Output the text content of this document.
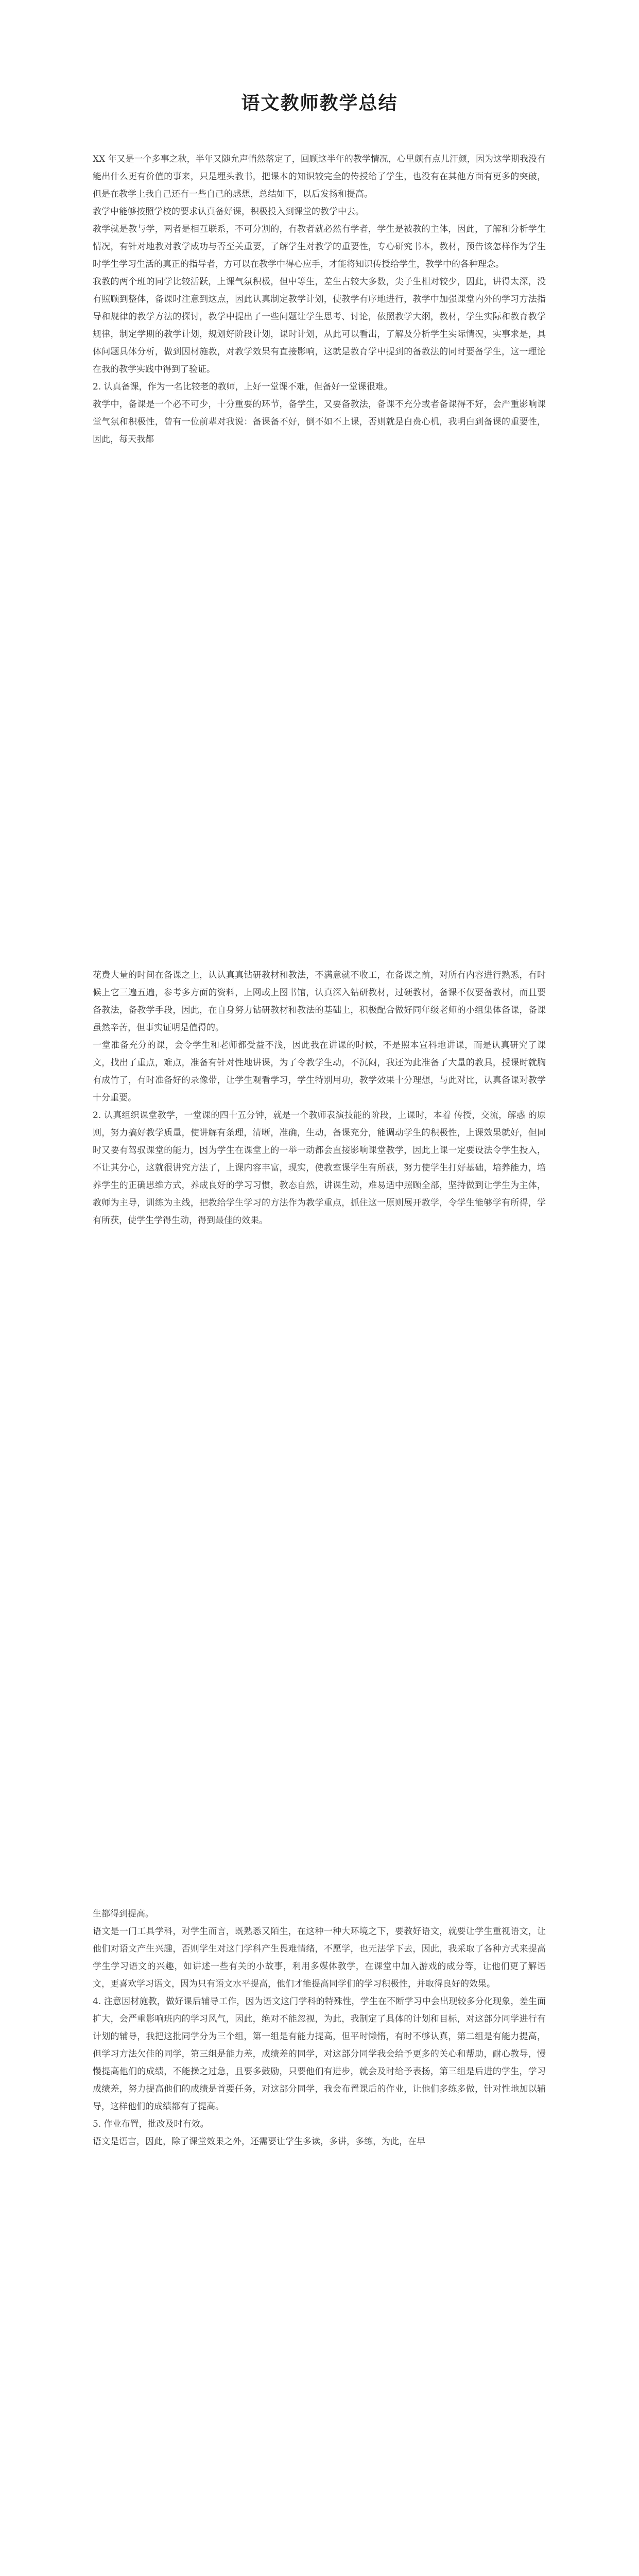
语文教师教学总结

XX 年又是一个多事之秋，半年又随允声悄然落定了，回顾这半年的教学情况，心里颇有点儿汗颜，因为这学期我没有能出什么更有价值的事来，只是埋头教书，把课本的知识较完全的传授给了学生，也没有在其他方面有更多的突破，但是在教学上我自己还有一些自己的感想，总结如下，以后发扬和提高。

教学中能够按照学校的要求认真备好课，积极投入到课堂的教学中去。

教学就是教与学，两者是相互联系，不可分割的，有教者就必然有学者，学生是被教的主体，因此，了解和分析学生情况，有针对地教对教学成功与否至关重要，了解学生对教学的重要性，专心研究书本，教材，预告该怎样作为学生时学生学习生活的真正的指导者，方可以在教学中得心应手，才能将知识传授给学生，教学中的各种理念。

我教的两个班的同学比较活跃，上课气氛积极，但中等生，差生占较大多数，尖子生相对较少，因此，讲得太深，没有照顾到整体，备课时注意到这点，因此认真制定教学计划，使教学有序地进行，教学中加强课堂内外的学习方法指导和规律的教学方法的探讨，教学中提出了一些问题让学生思考、讨论，依照教学大纲，教材，学生实际和教育教学规律，制定学期的教学计划，规划好阶段计划，课时计划，从此可以看出，了解及分析学生实际情况，实事求是，具体问题具体分析，做到因材施教，对教学效果有直接影响，这就是教育学中提到的备教法的同时要备学生，这一理论在我的教学实践中得到了验证。

2. 认真备课，作为一名比较老的教师，上好一堂课不难，但备好一堂课很难。

教学中，备课是一个必不可少，十分重要的环节，备学生，又要备教法，备课不充分或者备课得不好，会严重影响课堂气氛和积极性，曾有一位前辈对我说：备课备不好，倒不如不上课，否则就是白费心机，我明白到备课的重要性，因此，每天我都

花费大量的时间在备课之上，认认真真钻研教材和教法，不满意就不收工，在备课之前，对所有内容进行熟悉，有时候上它三遍五遍，参考多方面的资料，上网或上图书馆，认真深入钻研教材，过硬教材，备课不仅要备教材，而且要备教法，备教学手段，因此，在自身努力钻研教材和教法的基础上，积极配合做好同年级老师的小组集体备课，备课虽然辛苦，但事实证明是值得的。

一堂准备充分的课，会令学生和老师都受益不浅，因此我在讲课的时候，不是照本宣科地讲课，而是认真研究了课文，找出了重点，难点，准备有针对性地讲课，为了令教学生动，不沉闷，我还为此准备了大量的教具，授课时就胸有成竹了，有时准备好的录像带，让学生观看学习，学生特别用功，教学效果十分理想，与此对比，认真备课对教学十分重要。

2. 认真组织课堂教学，一堂课的四十五分钟，就是一个教师表演技能的阶段，上课时，本着 传授，交流，解惑 的原则，努力搞好教学质量，使讲解有条理，清晰，准确，生动，备课充分，能调动学生的积极性，上课效果就好，但同时又要有驾驭课堂的能力，因为学生在课堂上的一举一动都会直接影响课堂教学，因此上课一定要设法令学生投入，不让其分心，这就很讲究方法了，上课内容丰富，现实，使教室课学生有所获，努力使学生打好基础，培养能力，培养学生的正确思维方式，养成良好的学习习惯，教态自然，讲课生动，难易适中照顾全部，坚持做到让学生为主体，教师为主导，训练为主线，把教给学生学习的方法作为教学重点，抓住这一原则展开教学，令学生能够学有所得，学有所获，使学生学得生动，得到最佳的效果。

生都得到提高。

语文是一门工具学科，对学生而言，既熟悉又陌生，在这种一种大环境之下，要教好语文，就要让学生重视语文，让他们对语文产生兴趣，否则学生对这门学科产生畏难情绪，不愿学，也无法学下去，因此，我采取了各种方式来提高学生学习语文的兴趣，如讲述一些有关的小故事，利用多媒体教学，在课堂中加入游戏的成分等，让他们更了解语文，更喜欢学习语文，因为只有语文水平提高，他们才能提高同学们的学习积极性，并取得良好的效果。

4. 注意因材施教，做好课后辅导工作，因为语文这门学科的特殊性，学生在不断学习中会出现较多分化现象，差生面扩大，会严重影响班内的学习风气，因此，绝对不能忽视，为此，我制定了具体的计划和目标，对这部分同学进行有计划的辅导，我把这批同学分为三个组，第一组是有能力提高，但平时懒惰，有时不够认真，第二组是有能力提高，但学习方法欠佳的同学，第三组是能力差，成绩差的同学，对这部分同学我会给予更多的关心和帮助，耐心教导，慢慢提高他们的成绩，不能操之过急，且要多鼓励，只要他们有进步，就会及时给予表扬，第三组是后进的学生，学习成绩差，努力提高他们的成绩是首要任务，对这部分同学，我会布置课后的作业，让他们多练多做，针对性地加以辅导，这样他们的成绩都有了提高。

5. 作业布置，批改及时有效。

语文是语言，因此，除了课堂效果之外，还需要让学生多读，多讲，多练，为此，在早
